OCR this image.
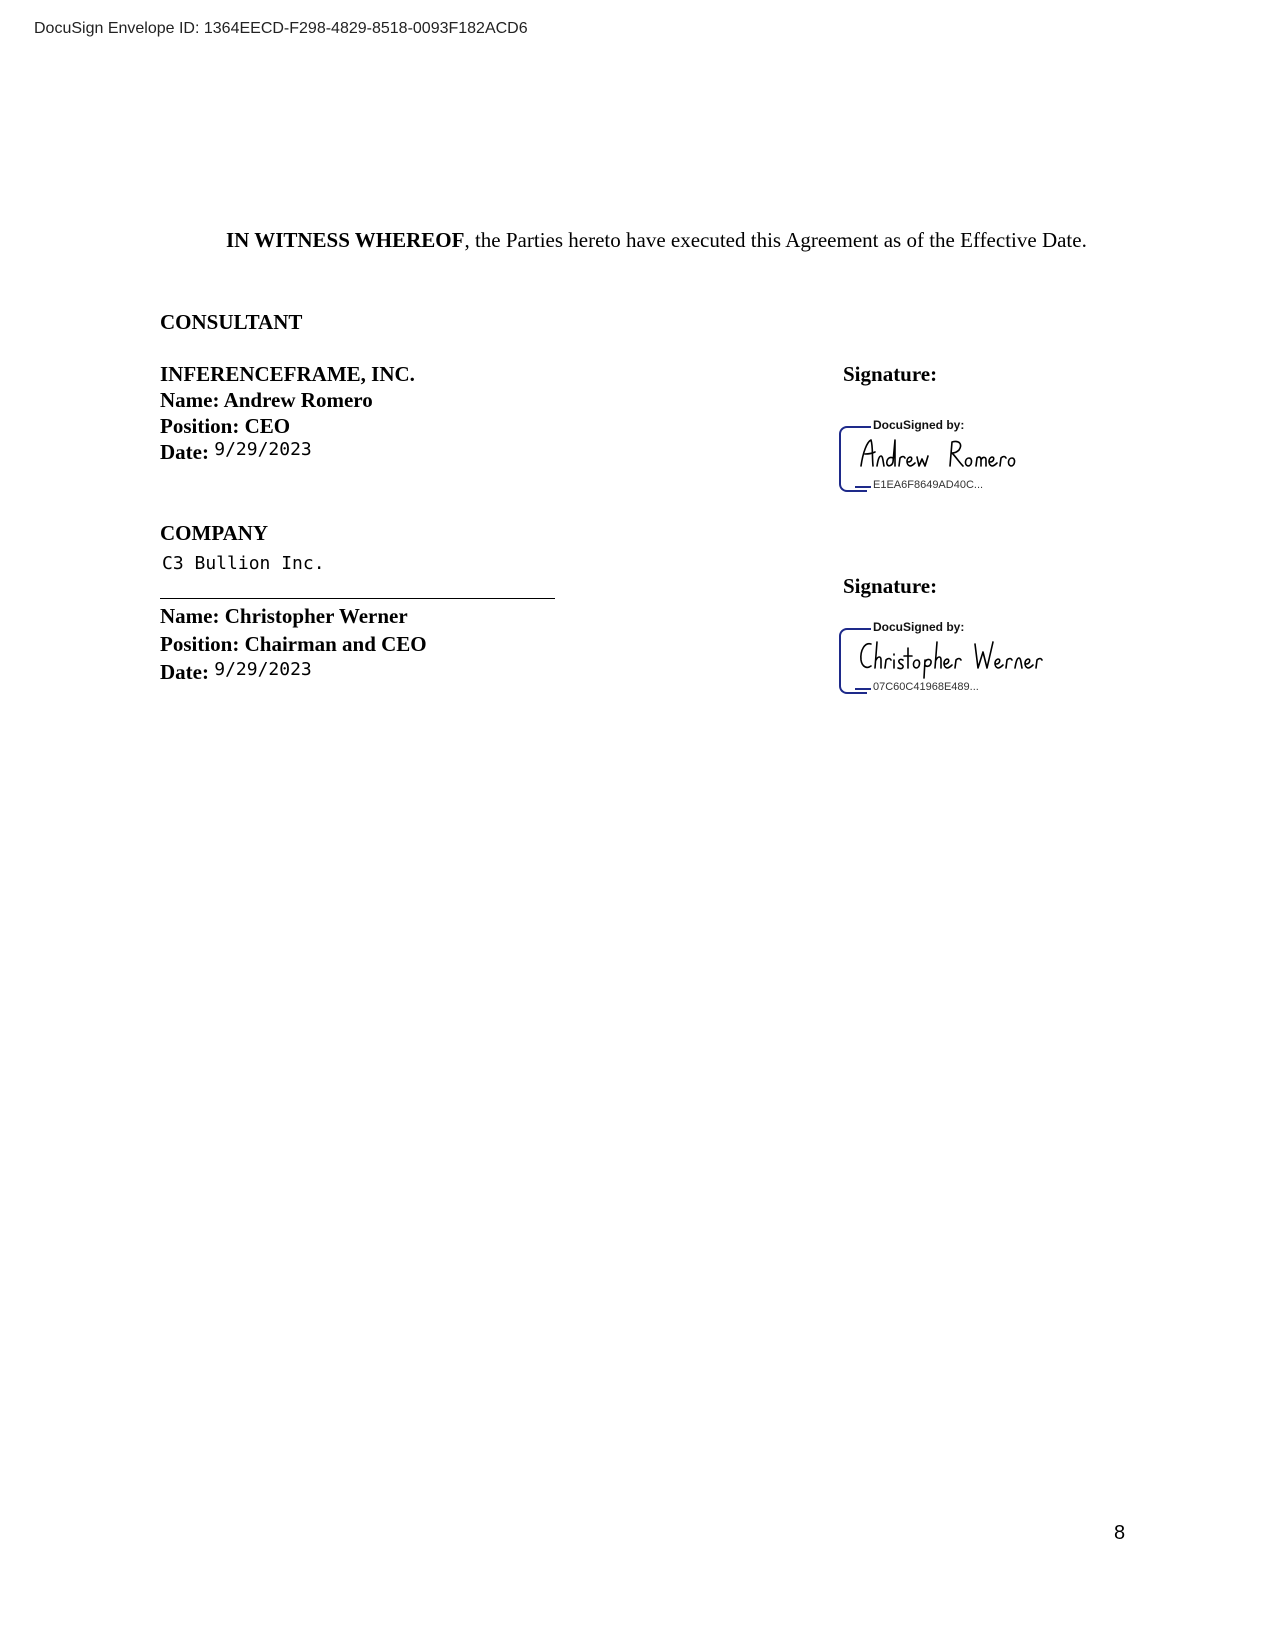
DocuSign Envelope ID: 1364EECD-F298-4829-8518-0093F182ACD6

IN WITNESS WHEREOF, the Parties hereto have executed this Agreement as of the Effective Date.

CONSULTANT
INFERENCEFRAME, INC.
Name: Andrew Romero
Position: CEO
Date: 9/29/2023
Signature:
DocuSigned by:
E1EA6F8649AD40C...
COMPANY
C3 Bullion Inc.
Name: Christopher Werner
Position: Chairman and CEO
Date: 9/29/2023
Signature:
DocuSigned by:
07C60C41968E489...
8
